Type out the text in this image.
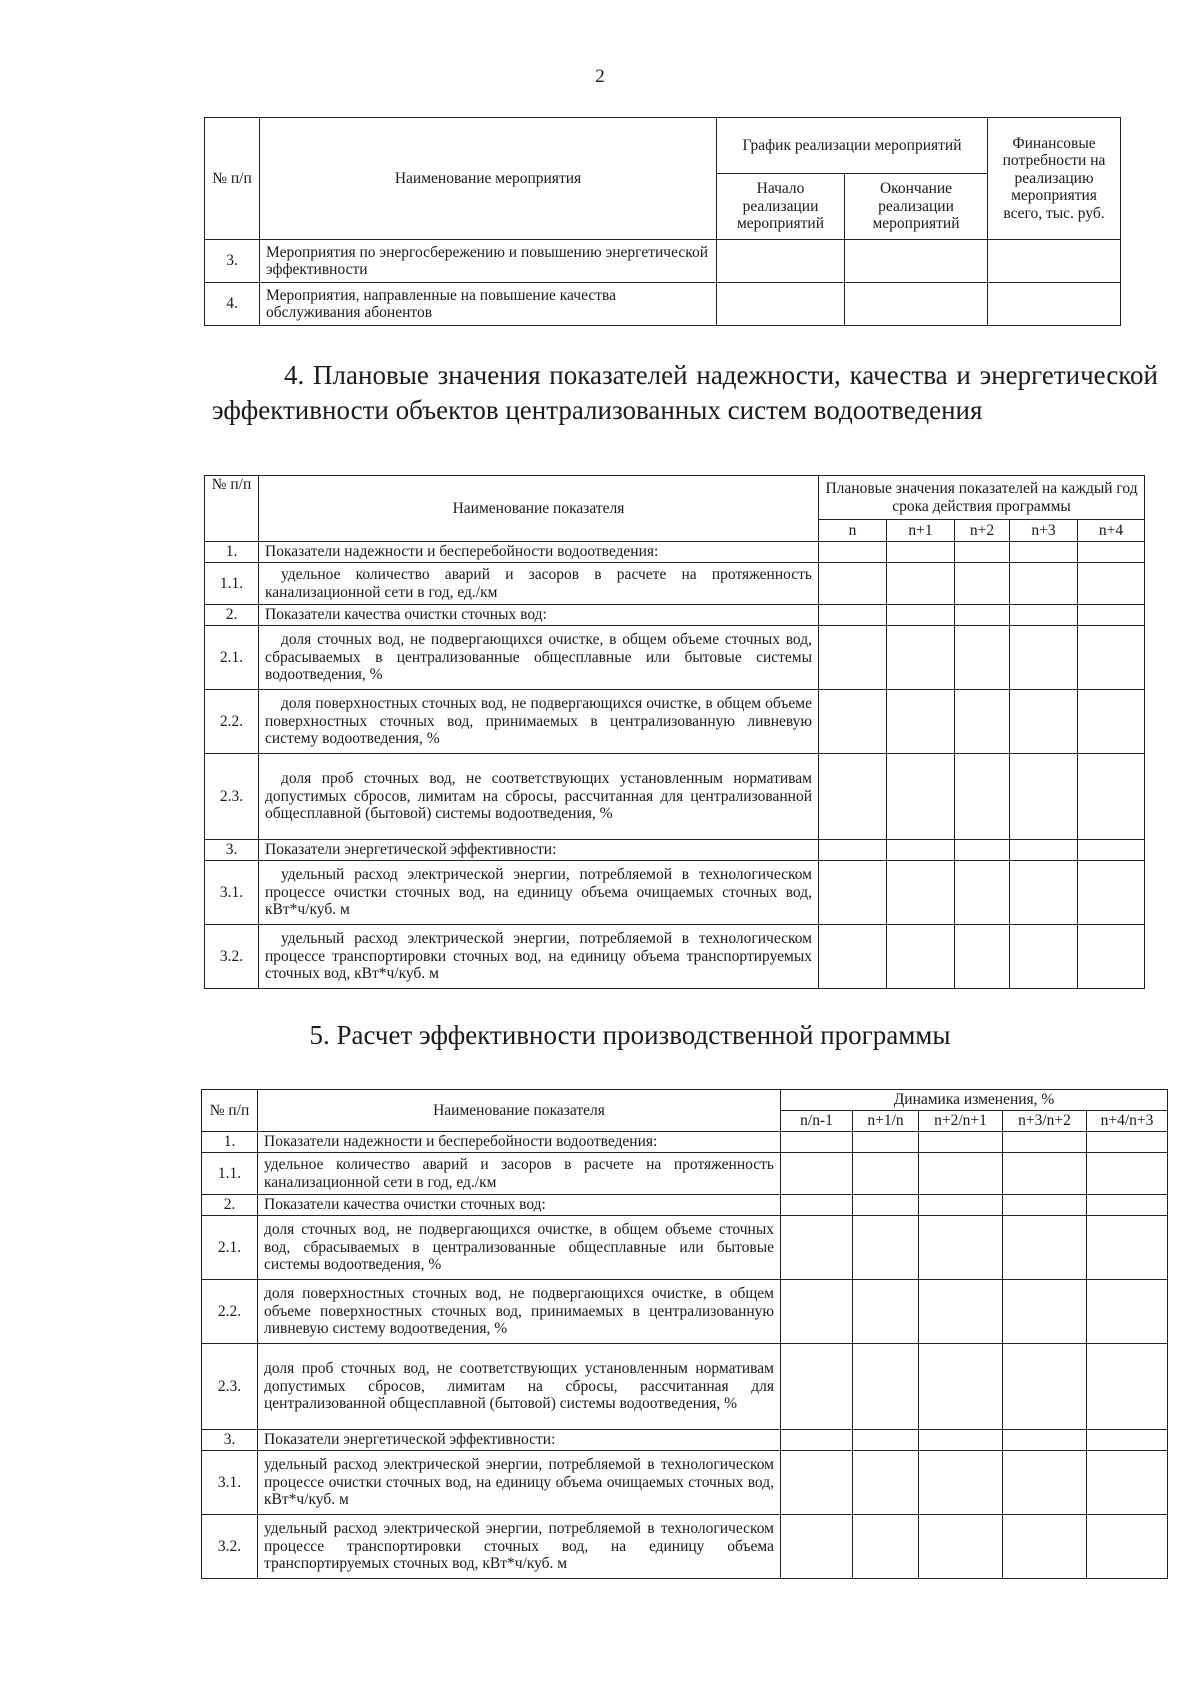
2
№ п/п	Наименование мероприятия	График реализации мероприятий		Финансовые потребности на реализацию мероприятия всего, тыс. руб.
		Начало реализации мероприятий	Окончание реализации мероприятий	
3.	Мероприятия по энергосбережению и повышению энергетической эффективности			
4.	Мероприятия, направленные на повышение качества обслуживания абонентов			
4. Плановые значения показателей надежности, качества и энергетической эффективности объектов централизованных систем водоотведения
№ п/п	Наименование показателя	Плановые значения показателей на каждый год срока действия программы				
		n	n+1	n+2	n+3	n+4
1.	Показатели надежности и бесперебойности водоотведения:					
1.1.	удельное количество аварий и засоров в расчете на протяженность канализационной сети в год, ед./км					
2.	Показатели качества очистки сточных вод:					
2.1.	доля сточных вод, не подвергающихся очистке, в общем объеме сточных вод, сбрасываемых в централизованные общесплавные или бытовые системы водоотведения, %					
2.2.	доля поверхностных сточных вод, не подвергающихся очистке, в общем объеме поверхностных сточных вод, принимаемых в централизованную ливневую систему водоотведения, %					
2.3.	доля проб сточных вод, не соответствующих установленным нормативам допустимых сбросов, лимитам на сбросы, рассчитанная для централизованной общесплавной (бытовой) системы водоотведения, %					
3.	Показатели энергетической эффективности:					
3.1.	удельный расход электрической энергии, потребляемой в технологическом процессе очистки сточных вод, на единицу объема очищаемых сточных вод, кВт*ч/куб. м					
3.2.	удельный расход электрической энергии, потребляемой в технологическом процессе транспортировки сточных вод, на единицу объема транспортируемых сточных вод, кВт*ч/куб. м					
5. Расчет эффективности производственной программы
№ п/п	Наименование показателя	Динамика изменения, %				
		n/n-1	n+1/n	n+2/n+1	n+3/n+2	n+4/n+3
1.	Показатели надежности и бесперебойности водоотведения:					
1.1.	удельное количество аварий и засоров в расчете на протяженность канализационной сети в год, ед./км					
2.	Показатели качества очистки сточных вод:					
2.1.	доля сточных вод, не подвергающихся очистке, в общем объеме сточных вод, сбрасываемых в централизованные общесплавные или бытовые системы водоотведения, %					
2.2.	доля поверхностных сточных вод, не подвергающихся очистке, в общем объеме поверхностных сточных вод, принимаемых в централизованную ливневую систему водоотведения, %					
2.3.	доля проб сточных вод, не соответствующих установленным нормативам допустимых сбросов, лимитам на сбросы, рассчитанная для централизованной общесплавной (бытовой) системы водоотведения, %					
3.	Показатели энергетической эффективности:					
3.1.	удельный расход электрической энергии, потребляемой в технологическом процессе очистки сточных вод, на единицу объема очищаемых сточных вод, кВт*ч/куб. м					
3.2.	удельный расход электрической энергии, потребляемой в технологическом процессе транспортировки сточных вод, на единицу объема транспортируемых сточных вод, кВт*ч/куб. м					
